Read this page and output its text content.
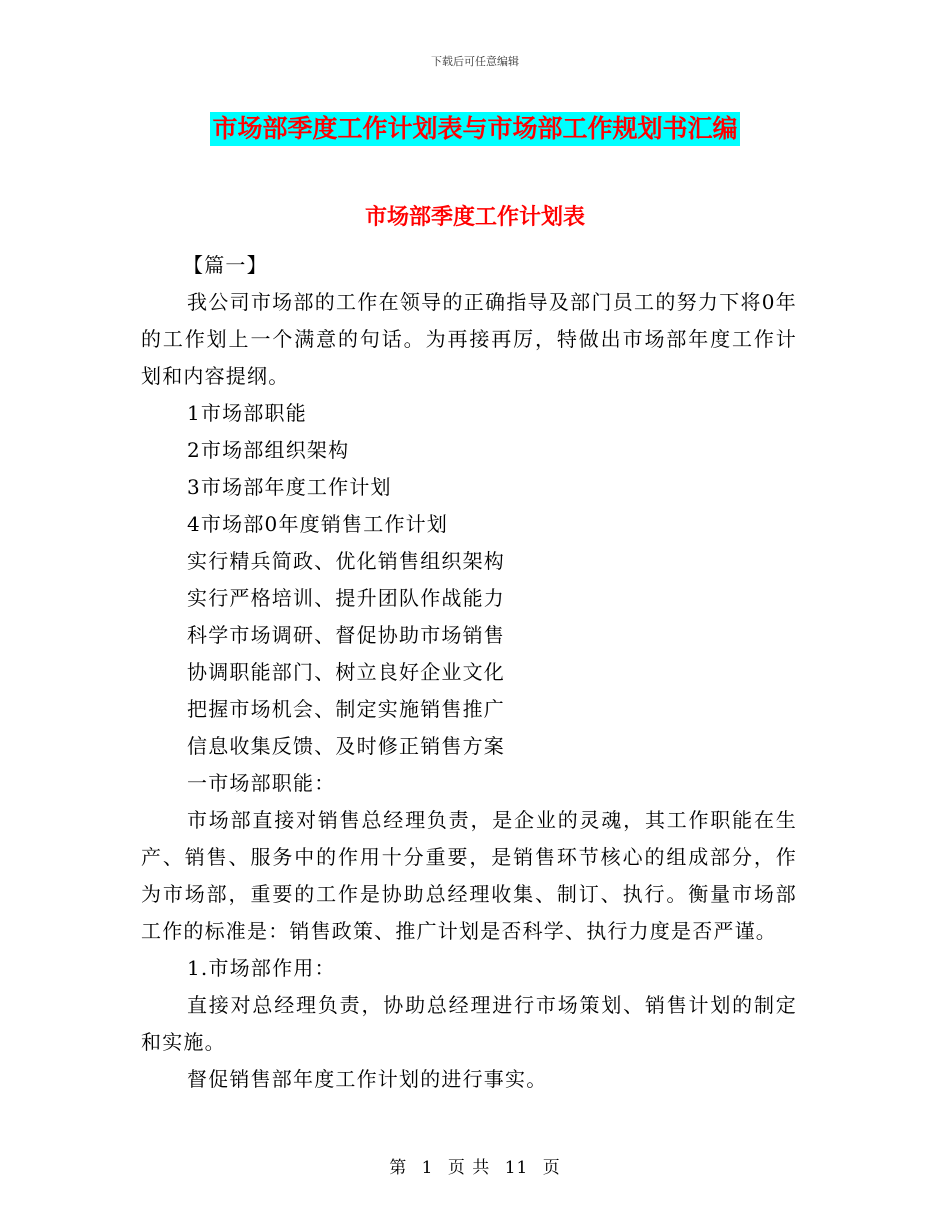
下载后可任意编辑
市场部季度工作计划表与市场部工作规划书汇编
市场部季度工作计划表

【篇一】

我公司市场部的工作在领导的正确指导及部门员工的努力下将0年的工作划上一个满意的句话。为再接再厉，特做出市场部年度工作计划和内容提纲。

1市场部职能

2市场部组织架构

3市场部年度工作计划

4市场部0年度销售工作计划

实行精兵简政、优化销售组织架构

实行严格培训、提升团队作战能力

科学市场调研、督促协助市场销售

协调职能部门、树立良好企业文化

把握市场机会、制定实施销售推广

信息收集反馈、及时修正销售方案

一市场部职能：

市场部直接对销售总经理负责，是企业的灵魂，其工作职能在生产、销售、服务中的作用十分重要，是销售环节核心的组成部分，作为市场部，重要的工作是协助总经理收集、制订、执行。衡量市场部工作的标准是：销售政策、推广计划是否科学、执行力度是否严谨。

1.市场部作用：

直接对总经理负责，协助总经理进行市场策划、销售计划的制定和实施。

督促销售部年度工作计划的进行事实。

第 1 页 共 11 页
